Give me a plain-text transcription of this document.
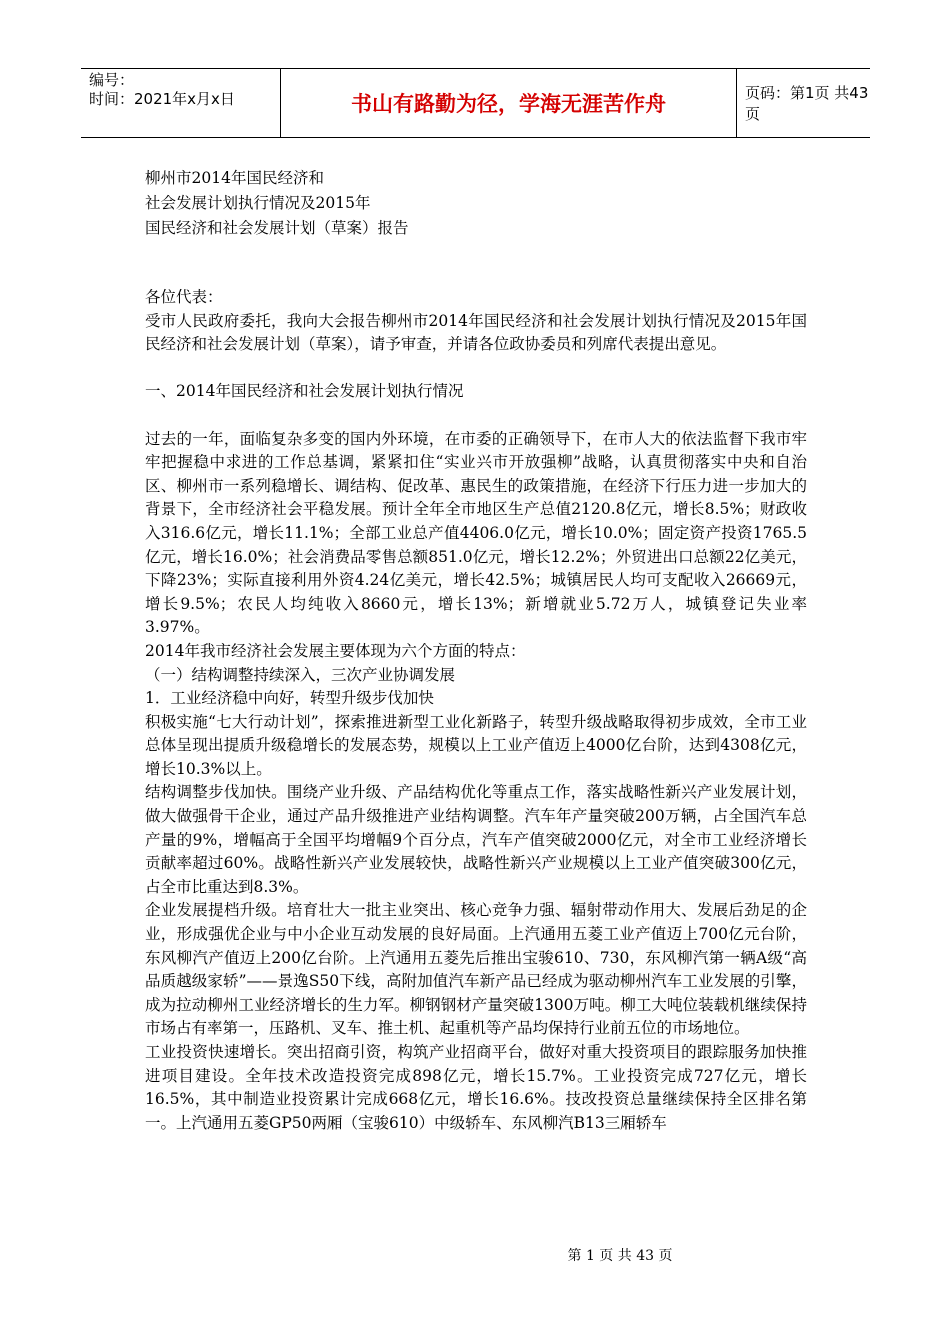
编号：
时间：2021年x月x日	书山有路勤为径，学海无涯苦作舟	页码：第1页 共43页
柳州市2014年国民经济和
社会发展计划执行情况及2015年
国民经济和社会发展计划（草案）报告

各位代表：

受市人民政府委托，我向大会报告柳州市2014年国民经济和社会发展计划执行情况及2015年国民经济和社会发展计划（草案），请予审查，并请各位政协委员和列席代表提出意见。

一、2014年国民经济和社会发展计划执行情况

过去的一年，面临复杂多变的国内外环境，在市委的正确领导下，在市人大的依法监督下我市牢牢把握稳中求进的工作总基调，紧紧扣住“实业兴市开放强柳”战略，认真贯彻落实中央和自治区、柳州市一系列稳增长、调结构、促改革、惠民生的政策措施，在经济下行压力进一步加大的背景下，全市经济社会平稳发展。预计全年全市地区生产总值2120.8亿元，增长8.5%；财政收入316.6亿元，增长11.1%；全部工业总产值4406.0亿元，增长10.0%；固定资产投资1765.5亿元，增长16.0%；社会消费品零售总额851.0亿元，增长12.2%；外贸进出口总额22亿美元，下降23%；实际直接利用外资4.24亿美元，增长42.5%；城镇居民人均可支配收入26669元，增长9.5%；农民人均纯收入8660元，增长13%；新增就业5.72万人，城镇登记失业率3.97%。

2014年我市经济社会发展主要体现为六个方面的特点：

（一）结构调整持续深入，三次产业协调发展

1．工业经济稳中向好，转型升级步伐加快

积极实施“七大行动计划”，探索推进新型工业化新路子，转型升级战略取得初步成效，全市工业总体呈现出提质升级稳增长的发展态势，规模以上工业产值迈上4000亿台阶，达到4308亿元，增长10.3%以上。

结构调整步伐加快。围绕产业升级、产品结构优化等重点工作，落实战略性新兴产业发展计划，做大做强骨干企业，通过产品升级推进产业结构调整。汽车年产量突破200万辆，占全国汽车总产量的9%，增幅高于全国平均增幅9个百分点，汽车产值突破2000亿元，对全市工业经济增长贡献率超过60%。战略性新兴产业发展较快，战略性新兴产业规模以上工业产值突破300亿元，占全市比重达到8.3%。

企业发展提档升级。培育壮大一批主业突出、核心竞争力强、辐射带动作用大、发展后劲足的企业，形成强优企业与中小企业互动发展的良好局面。上汽通用五菱工业产值迈上700亿元台阶，东风柳汽产值迈上200亿台阶。上汽通用五菱先后推出宝骏610、730，东风柳汽第一辆A级“高品质越级家轿”——景逸S50下线，高附加值汽车新产品已经成为驱动柳州汽车工业发展的引擎，成为拉动柳州工业经济增长的生力军。柳钢钢材产量突破1300万吨。柳工大吨位装载机继续保持市场占有率第一，压路机、叉车、推土机、起重机等产品均保持行业前五位的市场地位。

工业投资快速增长。突出招商引资，构筑产业招商平台，做好对重大投资项目的跟踪服务加快推进项目建设。全年技术改造投资完成898亿元，增长15.7%。工业投资完成727亿元，增长16.5%，其中制造业投资累计完成668亿元，增长16.6%。技改投资总量继续保持全区排名第一。上汽通用五菱GP50两厢（宝骏610）中级轿车、东风柳汽B13三厢轿车

第 1 页 共 43 页
